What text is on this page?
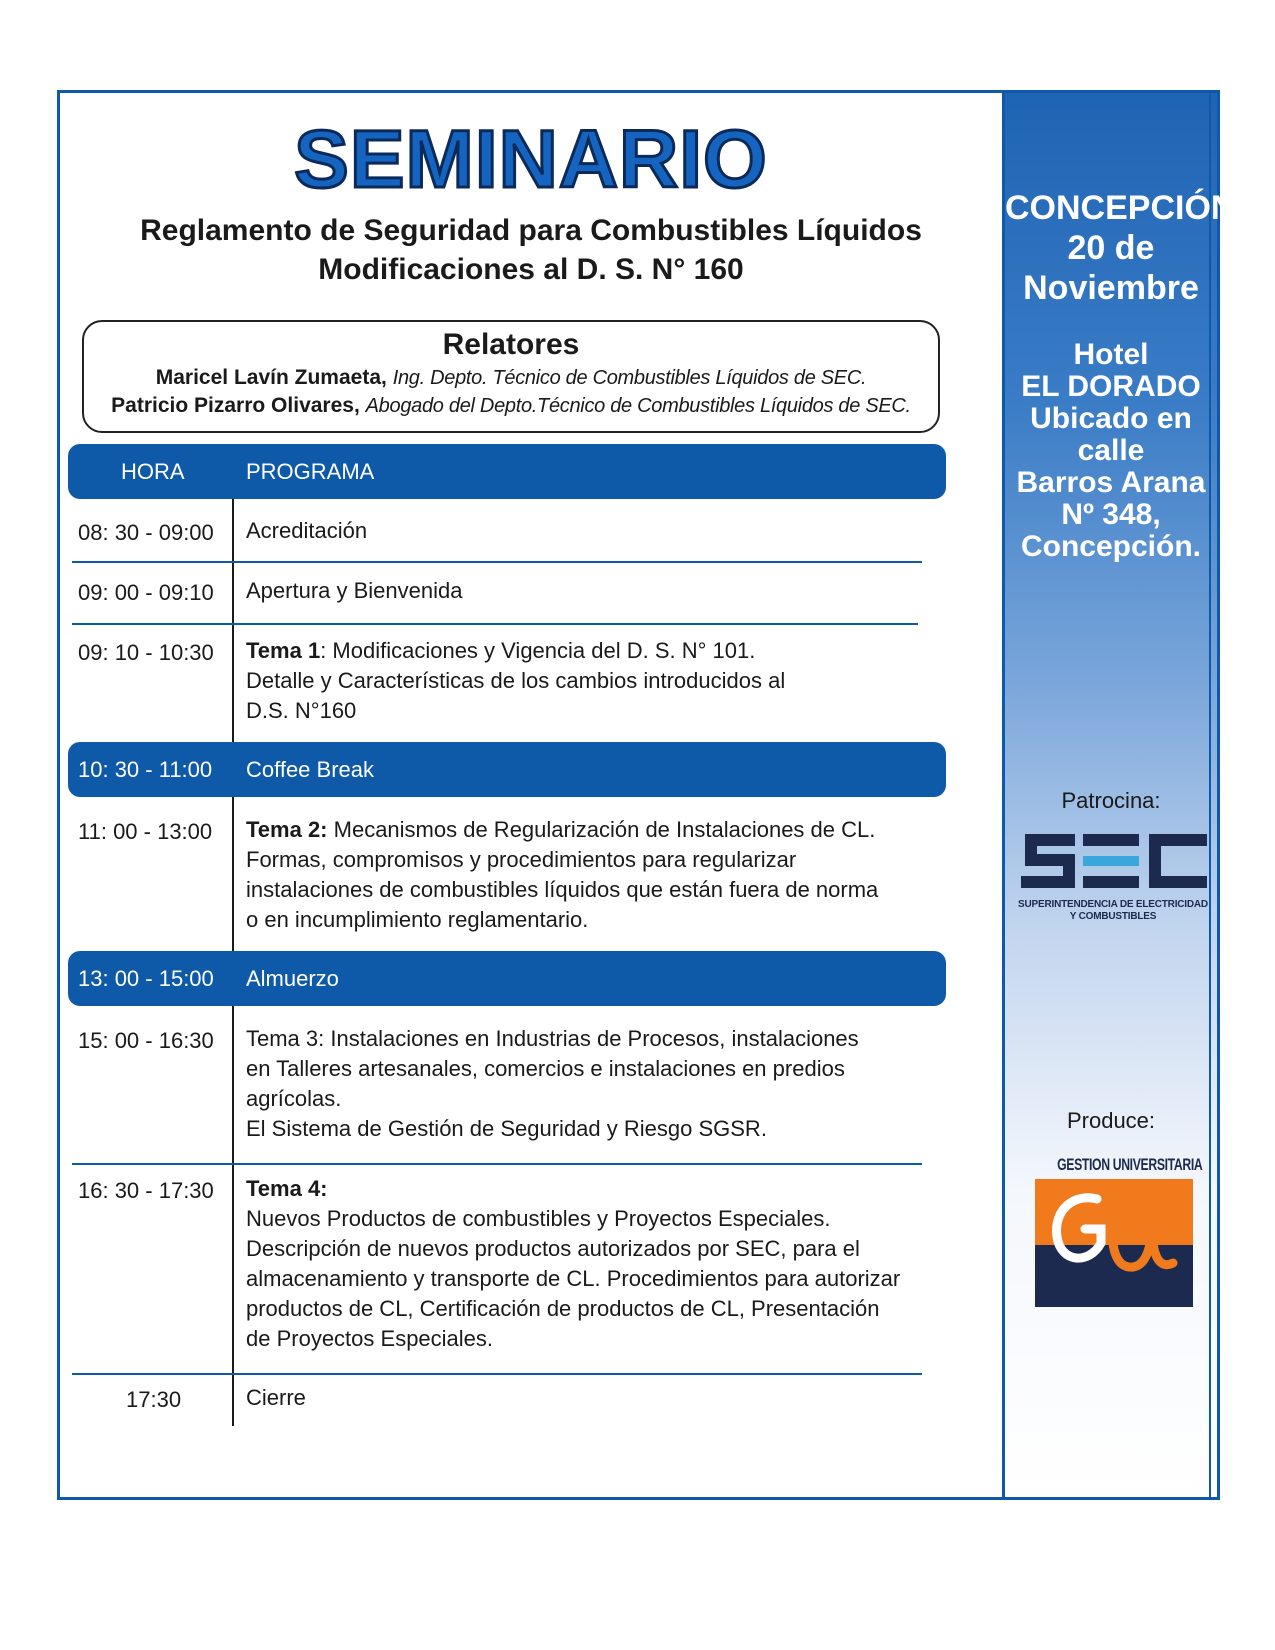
SEMINARIO
Reglamento de Seguridad para Combustibles Líquidos
Modificaciones al D. S. N° 160
Relatores
Maricel Lavín Zumaeta, Ing. Depto. Técnico de Combustibles Líquidos de SEC.
Patricio Pizarro Olivares, Abogado del Depto.Técnico de Combustibles Líquidos de SEC.
HORA	PROGRAMA
08: 30 - 09:00 Acreditación
09: 00 - 09:10 Apertura y Bienvenida
09: 10 - 10:30 Tema 1: Modificaciones y Vigencia del D. S. N° 101.
Detalle y Características de los cambios introducidos al
D.S. N°160
10: 30 - 11:00 Coffee Break
11: 00 - 13:00 Tema 2: Mecanismos de Regularización de Instalaciones de CL.
Formas, compromisos y procedimientos para regularizar
instalaciones de combustibles líquidos que están fuera de norma
o en incumplimiento reglamentario.
13: 00 - 15:00 Almuerzo
15: 00 - 16:30 Tema 3: Instalaciones en Industrias de Procesos, instalaciones
en Talleres artesanales, comercios e instalaciones en predios
agrícolas.
El Sistema de Gestión de Seguridad y Riesgo SGSR.
16: 30 - 17:30 Tema 4:
Nuevos Productos de combustibles y Proyectos Especiales.
Descripción de nuevos productos autorizados por SEC, para el
almacenamiento y transporte de CL. Procedimientos para autorizar
productos de CL, Certificación de productos de CL, Presentación
de Proyectos Especiales.
17:30	Cierre
CONCEPCIÓN
20 de
Noviembre
Hotel
EL DORADO
Ubicado en
calle
Barros Arana
Nº 348,
Concepción.
Patrocina:
SUPERINTENDENCIA DE ELECTRICIDAD
Y COMBUSTIBLES
Produce:
GESTION UNIVERSITARIA
